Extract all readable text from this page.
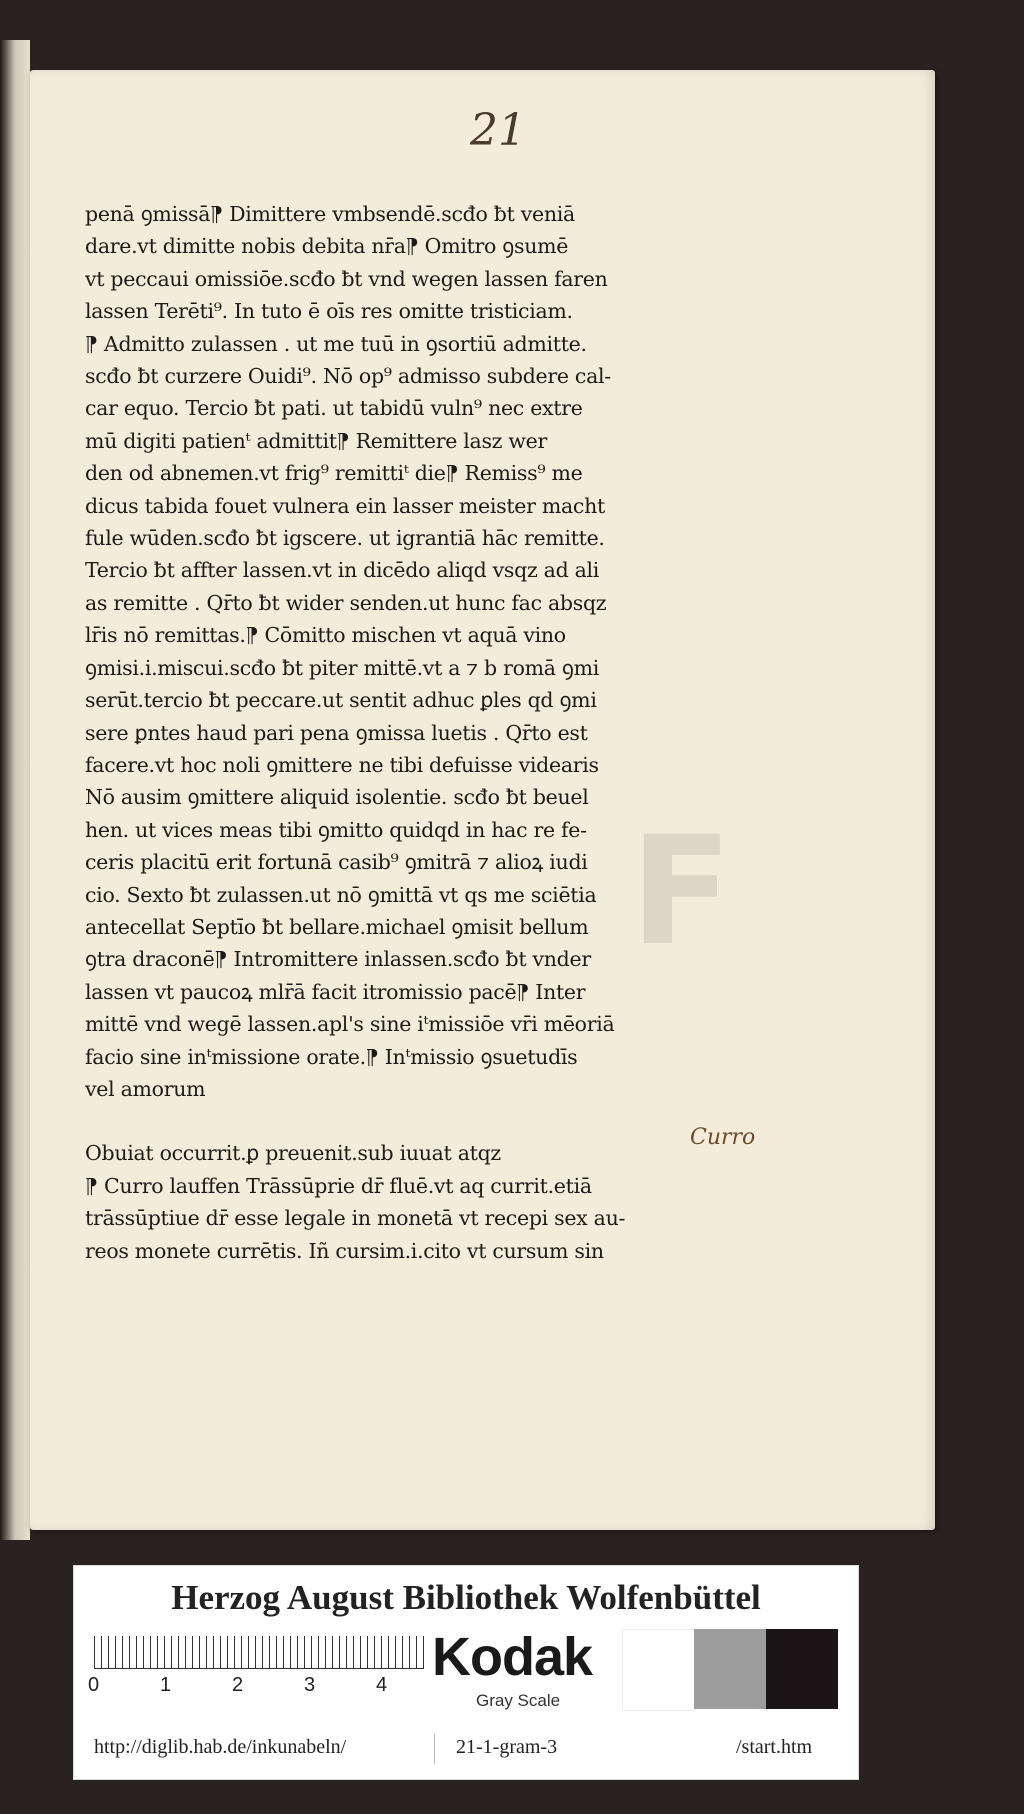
21
F
penā ꝯmissā⁋ Dimittere vmbsendē.scđo ƀt veniā
dare.vt dimitte nobis debita nr̄a⁋ Omitro ꝯsumē
vt peccaui omissiōe.scđo ƀt vnd wegen lassen faren
lassen Terēti⁹. In tuto ē oīs res omitte tristiciam.
⁋ Admitto zulassen . ut me tuū in ꝯsortiū admitte.
scđo ƀt curzere Ouidi⁹. Nō op⁹ admisso subdere cal-
car equo. Tercio ƀt pati. ut tabidū vuln⁹ nec extre
mū digiti patienᵗ admittit⁋ Remittere lasz wer
den od abnemen.vt frig⁹ remittiᵗ die⁋ Remiss⁹ me
dicus tabida fouet vulnera ein lasser meister macht
fule wūden.scđo ƀt igscere. ut igrantiā hāc remitte.
Tercio ƀt affter lassen.vt in dicēdo aliqd vsqz ad ali
as remitte . Qr̄to ƀt wider senden.ut hunc fac absqz
lr̄is nō remittas.⁋ Cōmitto mischen vt aquā vino
ꝯmisi.i.miscui.scđo ƀt piter mittē.vt a ⁊ b romā ꝯmi
serūt.tercio ƀt peccare.ut sentit adhuc ꝑles qd ꝯmi
sere ꝑntes haud pari pena ꝯmissa luetis . Qr̄to est
facere.vt hoc noli ꝯmittere ne tibi defuisse videaris
Nō ausim ꝯmittere aliquid isolentie. scđo ƀt beuel
hen. ut vices meas tibi ꝯmitto quidqd in hac re fe-
ceris placitū erit fortunā casib⁹ ꝯmitrā ⁊ alioꝝ iudi
cio. Sexto ƀt zulassen.ut nō ꝯmittā vt qs me sciētia
antecellat Septīo ƀt bellare.michael ꝯmisit bellum
ꝯtra draconē⁋ Intromittere inlassen.scđo ƀt vnder
lassen vt paucoꝝ mlr̄ā facit itromissio pacē⁋ Inter
mittē vnd wegē lassen.apl's sine iᵗmissiōe vr̄i mēoriā
facio sine inᵗmissione orate.⁋ Inᵗmissio ꝯsuetudīs
vel amorum
Obuiat occurrit.ꝑ preuenit.sub iuuat atqz
⁋ Curro lauffen Trāssūprie dr̄ fluē.vt aq currit.etiā
trāssūptiue dr̄ esse legale in monetā vt recepi sex au-
reos monete currētis. Iñ cursim.i.cito vt cursum sin
Curro
Herzog August Bibliothek Wolfenbüttel
0	1	2	3	4 Kodak
Gray Scale
http://diglib.hab.de/inkunabeln/	21-1-gram-3	/start.htm
